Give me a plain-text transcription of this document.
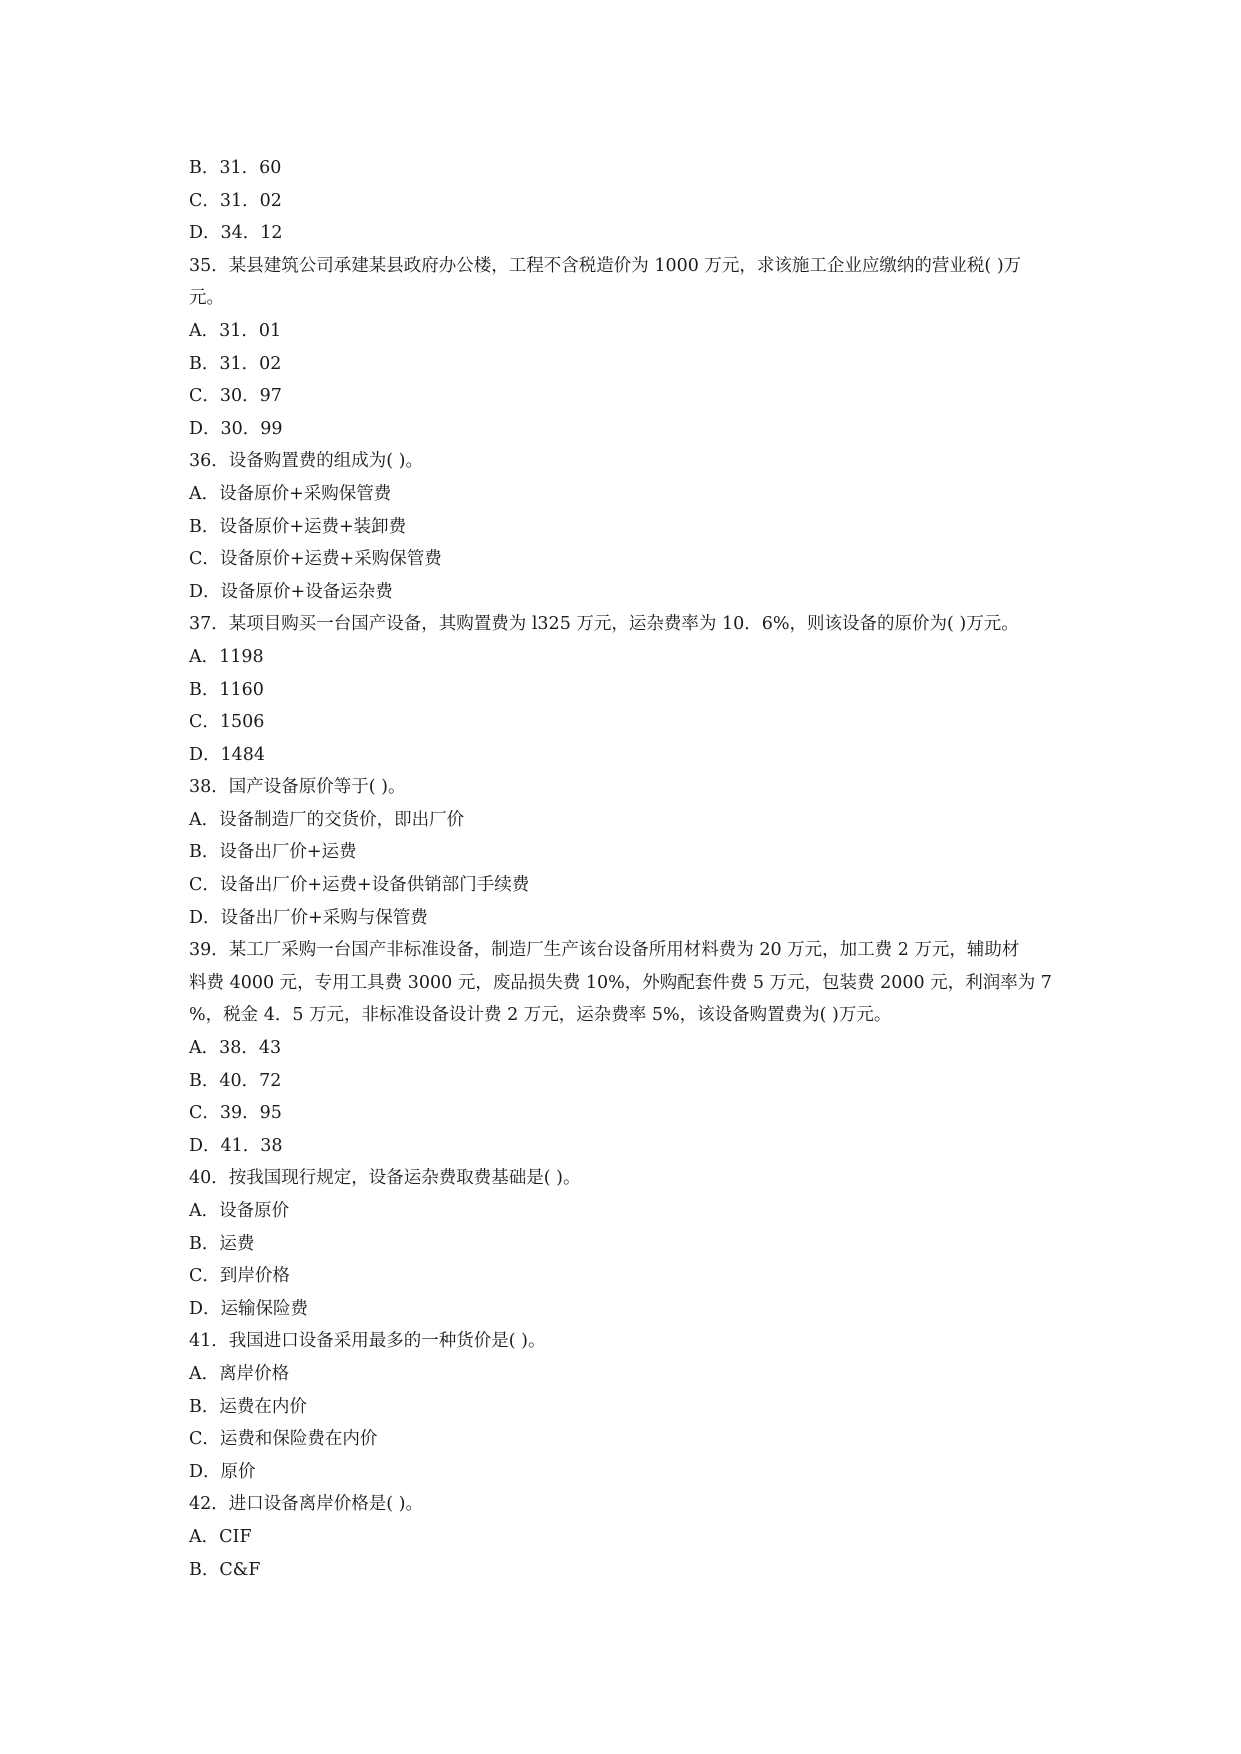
B．31．60
C．31．02
D．34．12
35．某县建筑公司承建某县政府办公楼，工程不含税造价为 1000 万元，求该施工企业应缴纳的营业税( )万
元。
A．31．01
B．31．02
C．30．97
D．30．99
36．设备购置费的组成为( )。
A．设备原价+采购保管费
B．设备原价+运费+装卸费
C．设备原价+运费+采购保管费
D．设备原价+设备运杂费
37．某项目购买一台国产设备，其购置费为 l325 万元，运杂费率为 10．6%，则该设备的原价为( )万元。
A．1198
B．1160
C．1506
D．1484
38．国产设备原价等于( )。
A．设备制造厂的交货价，即出厂价
B．设备出厂价+运费
C．设备出厂价+运费+设备供销部门手续费
D．设备出厂价+采购与保管费
39．某工厂采购一台国产非标准设备，制造厂生产该台设备所用材料费为 20 万元，加工费 2 万元，辅助材
料费 4000 元，专用工具费 3000 元，废品损失费 10%，外购配套件费 5 万元，包装费 2000 元，利润率为 7
%，税金 4．5 万元，非标准设备设计费 2 万元，运杂费率 5%，该设备购置费为( )万元。
A．38．43
B．40．72
C．39．95
D．41．38
40．按我国现行规定，设备运杂费取费基础是( )。
A．设备原价
B．运费
C．到岸价格
D．运输保险费
41．我国进口设备采用最多的一种货价是( )。
A．离岸价格
B．运费在内价
C．运费和保险费在内价
D．原价
42．进口设备离岸价格是( )。
A．CIF
B．C&F
